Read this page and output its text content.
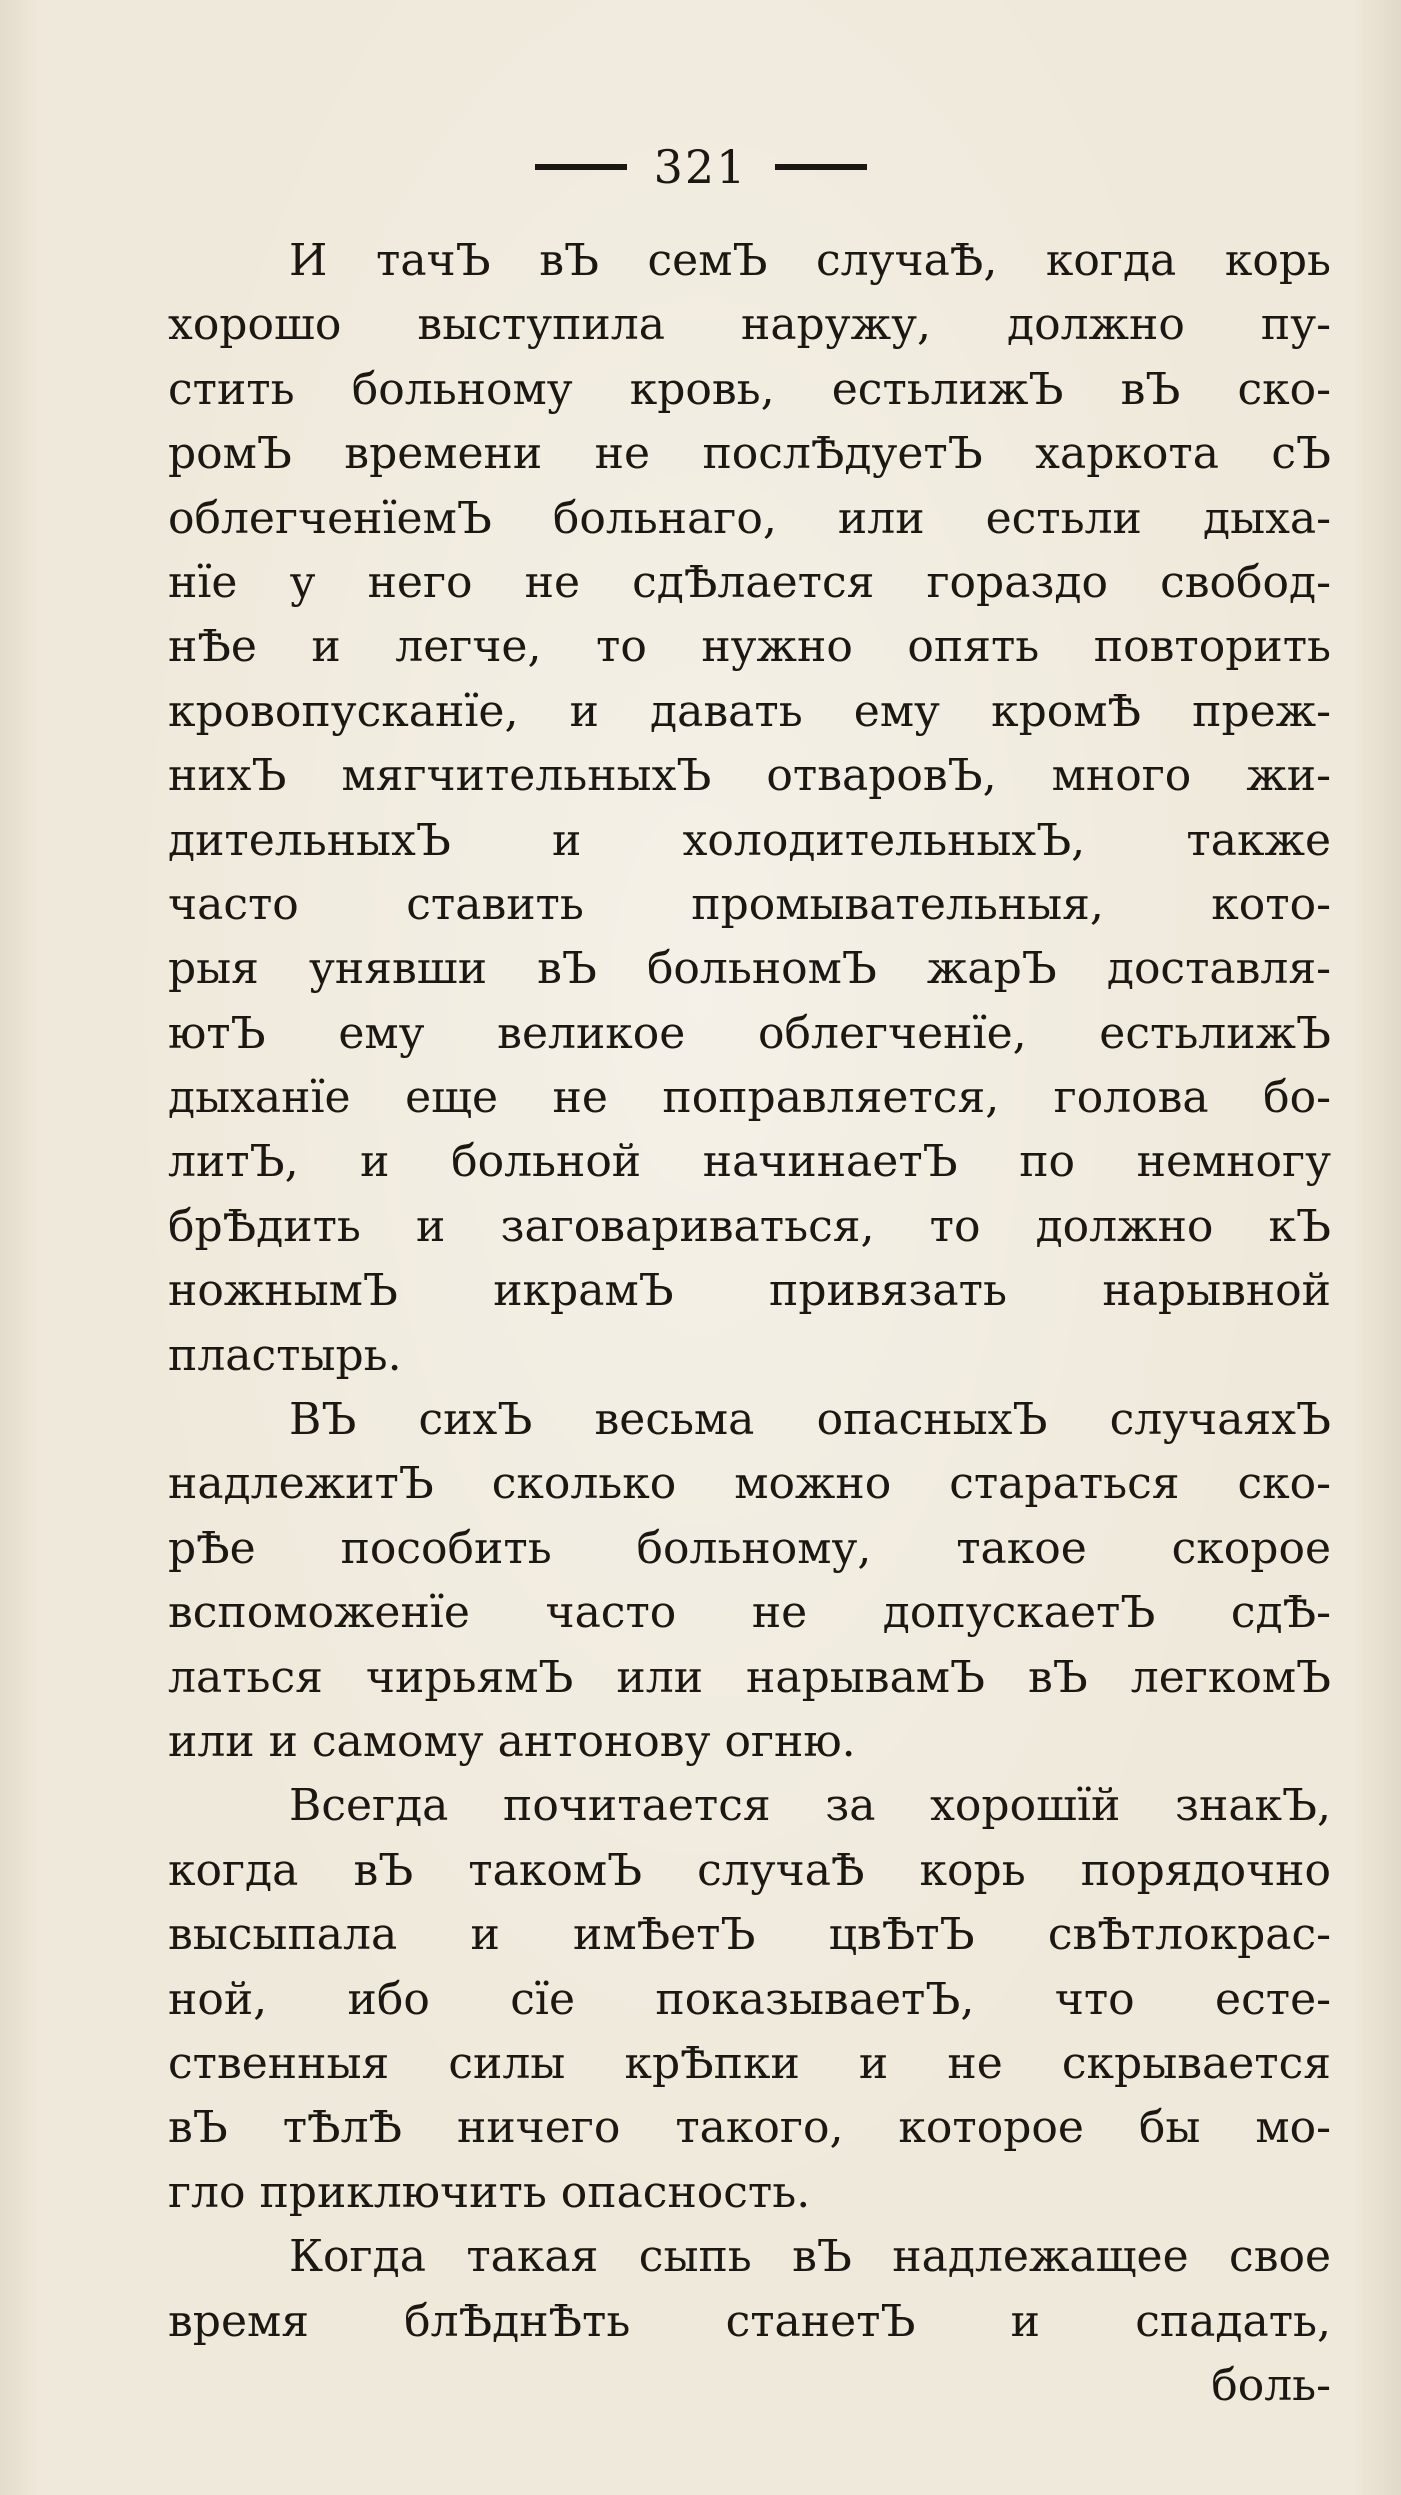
321
И тачЪ вЪ семЪ случаѢ, когда корь
хорошо выступила наружу, должно пу-
стить больному кровь, естьлижЪ вЪ ско-
ромЪ времени не послѢдуетЪ харкота сЪ
облегченїемЪ больнаго, или естьли дыха-
нїе у него не сдѢлается гораздо свобод-
нѢе и легче, то нужно опять повторить
кровопусканїе, и давать ему кромѢ преж-
нихЪ мягчительныхЪ отваровЪ, много жи-
дительныхЪ и холодительныхЪ, также
часто ставить промывательныя, кото-
рыя унявши вЪ больномЪ жарЪ доставля-
ютЪ ему великое облегченїе, естьлижЪ
дыханїе еще не поправляется, голова бо-
литЪ, и больной начинаетЪ по немногу
брѢдить и заговариваться, то должно кЪ
ножнымЪ икрамЪ привязать нарывной
пластырь.
ВЪ сихЪ весьма опасныхЪ случаяхЪ
надлежитЪ сколько можно стараться ско-
рѢе пособить больному, такое скорое
вспоможенїе часто не допускаетЪ сдѢ-
латься чирьямЪ или нарывамЪ вЪ легкомЪ
или и самому антонову огню.
Всегда почитается за хорошїй знакЪ,
когда вЪ такомЪ случаѢ корь порядочно
высыпала и имѢетЪ цвѢтЪ свѢтлокрас-
ной, ибо сїе показываетЪ, что есте-
ственныя силы крѢпки и не скрывается
вЪ тѢлѢ ничего такого, которое бы мо-
гло приключить опасность.
Когда такая сыпь вЪ надлежащее свое
время блѢднѢть станетЪ и спадать,
боль-
